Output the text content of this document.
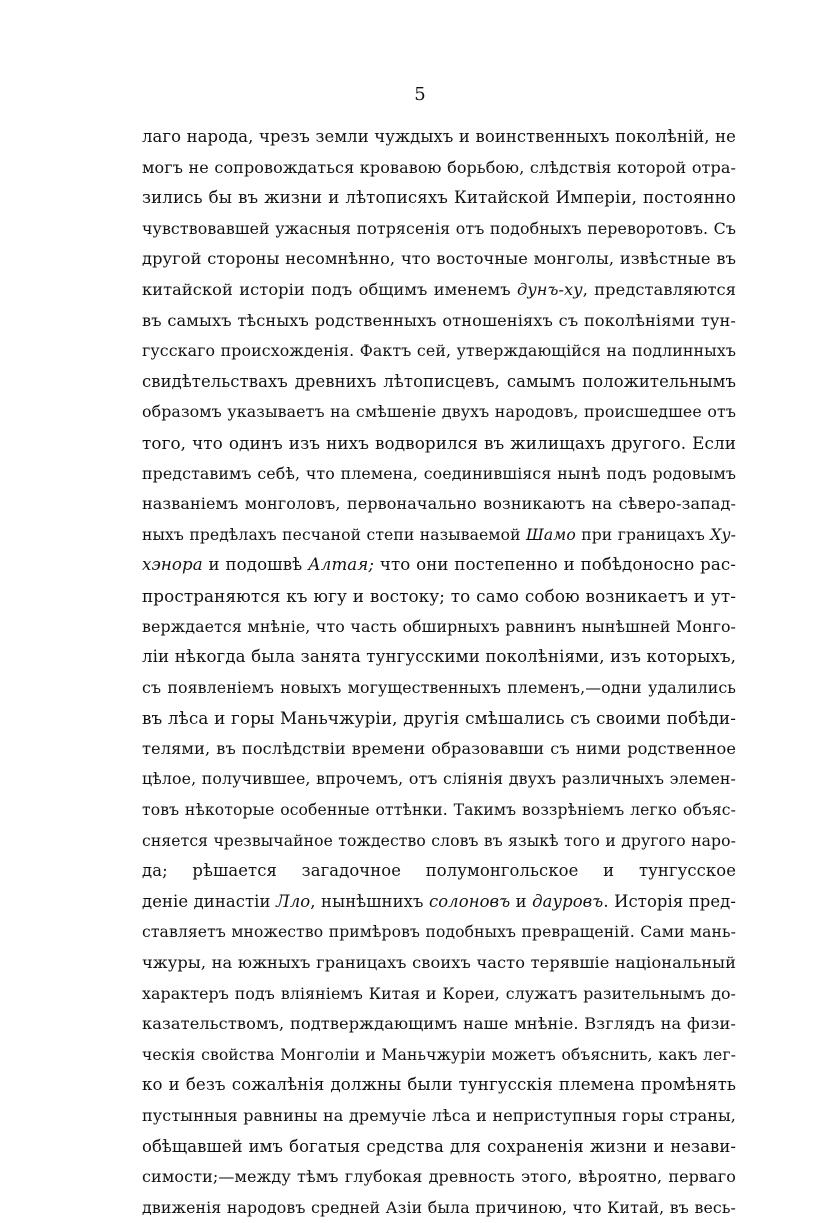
5
лаго народа, чрезъ земли чуждыхъ и воинственныхъ поколѣній, не
могъ не сопровождаться кровавою борьбою, слѣдствія которой отра-
зились бы въ жизни и лѣтописяхъ Китайской Имперіи, постоянно
чувствовавшей ужасныя потрясенія отъ подобныхъ переворотовъ. Съ
другой стороны несомнѣнно, что восточные монголы, извѣстные въ
китайской исторіи подъ общимъ именемъ дунъ-ху, представляются
въ самыхъ тѣсныхъ родственныхъ отношеніяхъ съ поколѣніями тун-
гусскаго происхожденія. Фактъ сей, утверждающійся на подлинныхъ
свидѣтельствахъ древнихъ лѣтописцевъ, самымъ положительнымъ
образомъ указываетъ на смѣшеніе двухъ народовъ, происшедшее отъ
того, что одинъ изъ нихъ водворился въ жилищахъ другого. Если
представимъ себѣ, что племена, соединившіяся нынѣ подъ родовымъ
названіемъ монголовъ, первоначально возникаютъ на сѣверо-запад-
ныхъ предѣлахъ песчаной степи называемой Шамо при границахъ Ху-
хэнора и подошвѣ Алтая; что они постепенно и побѣдоносно рас-
пространяются къ югу и востоку; то само собою возникаетъ и ут-
верждается мнѣніе, что часть обширныхъ равнинъ нынѣшней Монго-
ліи нѣкогда была занята тунгусскими поколѣніями, изъ которыхъ,
съ появленіемъ новыхъ могущественныхъ племенъ,—одни удалились
въ лѣса и горы Маньчжуріи, другія смѣшались съ своими побѣди-
телями, въ послѣдствіи времени образовавши съ ними родственное
цѣлое, получившее, впрочемъ, отъ слiянія двухъ различныхъ элемен-
товъ нѣкоторые особенные оттѣнки. Такимъ воззрѣніемъ легко объяс-
сняется чрезвычайное тождество словъ въ языкѣ того и другого наро-
да; рѣшается загадочное полумонгольское и тунгусское
деніе династіи Лло, нынѣшнихъ солоновъ и дауровъ. Исторія пред-
ставляетъ множество примѣровъ подобныхъ превращеній. Сами мань-
чжуры, на южныхъ границахъ своихъ часто терявшіе національный
характеръ подъ вліяніемъ Китая и Кореи, служатъ разительнымъ до-
казательствомъ, подтверждающимъ наше мнѣніе. Взглядъ на физи-
ческія свойства Монголіи и Маньчжуріи можетъ объяснить, какъ лег-
ко и безъ сожалѣнія должны были тунгусскія племена промѣнять
пустынныя равнины на дремучіе лѣса и неприступныя горы страны,
обѣщавшей имъ богатыя средства для сохраненія жизни и незави-
симости;—между тѣмъ глубокая древность этого, вѣроятно, перваго
движенія народовъ средней Азіи была причиною, что Китай, въ весь-
